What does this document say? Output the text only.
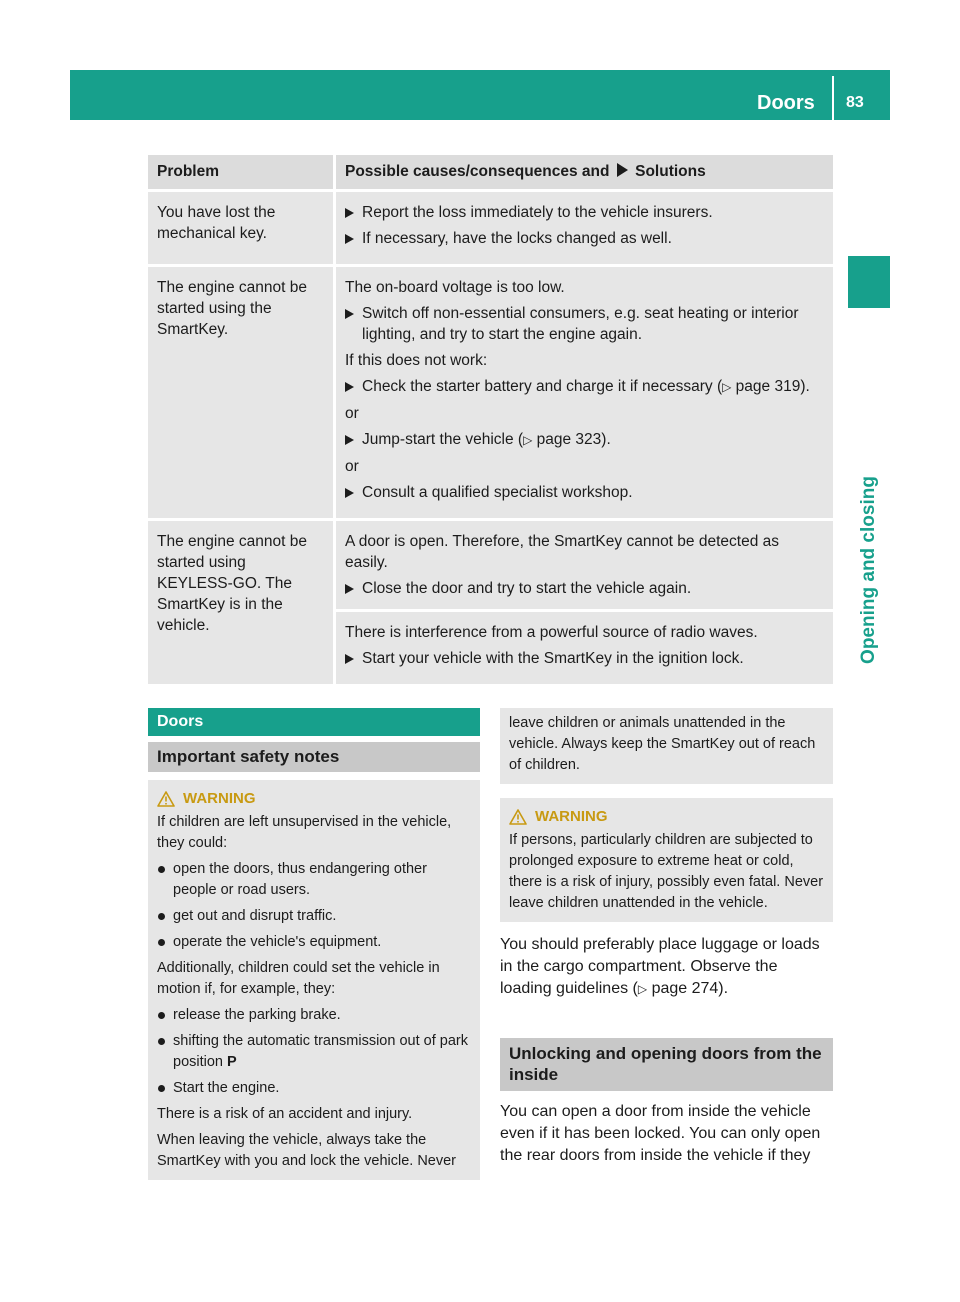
Doors 83
Opening and closing
Problem	Possible causes/consequences and Solutions
You have lost the mechanical key.
Report the loss immediately to the vehicle insurers.
If necessary, have the locks changed as well.
The engine cannot be started using the SmartKey.
The on-board voltage is too low.
Switch off non-essential consumers, e.g. seat heating or interior lighting, and try to start the engine again.
If this does not work:
Check the starter battery and charge it if necessary (▷ page 319).
or
Jump-start the vehicle (▷ page 323).
or
Consult a qualified specialist workshop.
The engine cannot be started using KEYLESS-GO. The SmartKey is in the vehicle.
A door is open. Therefore, the SmartKey cannot be detected as easily.
Close the door and try to start the vehicle again.
There is interference from a powerful source of radio waves.
Start your vehicle with the SmartKey in the ignition lock.
Doors
Important safety notes
WARNING
If children are left unsupervised in the vehicle, they could:
open the doors, thus endangering other people or road users.
get out and disrupt traffic.
operate the vehicle's equipment.
Additionally, children could set the vehicle in motion if, for example, they:
release the parking brake.
shifting the automatic transmission out of park position P
Start the engine.
There is a risk of an accident and injury.
When leaving the vehicle, always take the SmartKey with you and lock the vehicle. Never
leave children or animals unattended in the vehicle. Always keep the SmartKey out of reach of children.
WARNING
If persons, particularly children are subjected to prolonged exposure to extreme heat or cold, there is a risk of injury, possibly even fatal. Never leave children unattended in the vehicle.
You should preferably place luggage or loads in the cargo compartment. Observe the loading guidelines (▷ page 274).
Unlocking and opening doors from the inside
You can open a door from inside the vehicle even if it has been locked. You can only open the rear doors from inside the vehicle if they
